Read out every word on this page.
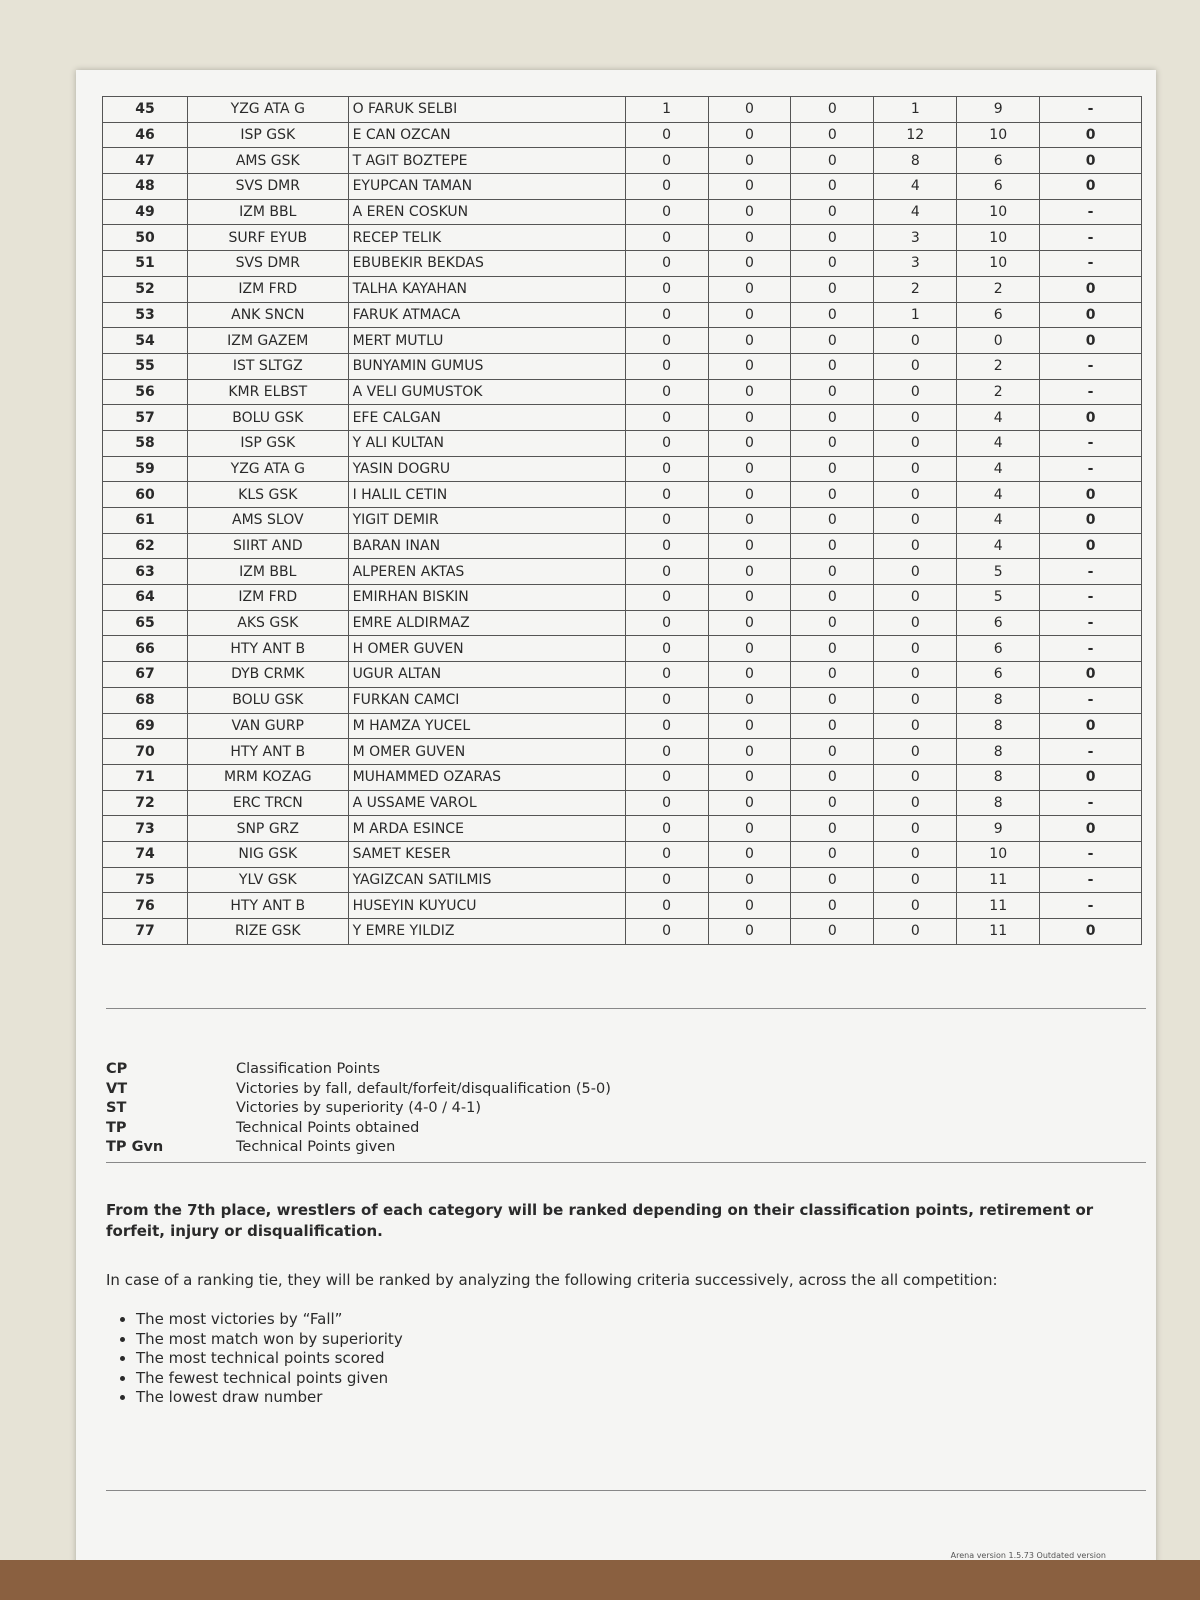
45	YZG ATA G	O FARUK SELBI	1	0	0	1	9	-
46	ISP GSK	E CAN OZCAN	0	0	0	12	10	0
47	AMS GSK	T AGIT BOZTEPE	0	0	0	8	6	0
48	SVS DMR	EYUPCAN TAMAN	0	0	0	4	6	0
49	IZM BBL	A EREN COSKUN	0	0	0	4	10	-
50	SURF EYUB	RECEP TELIK	0	0	0	3	10	-
51	SVS DMR	EBUBEKIR BEKDAS	0	0	0	3	10	-
52	IZM FRD	TALHA KAYAHAN	0	0	0	2	2	0
53	ANK SNCN	FARUK ATMACA	0	0	0	1	6	0
54	IZM GAZEM	MERT MUTLU	0	0	0	0	0	0
55	IST SLTGZ	BUNYAMIN GUMUS	0	0	0	0	2	-
56	KMR ELBST	A VELI GUMUSTOK	0	0	0	0	2	-
57	BOLU GSK	EFE CALGAN	0	0	0	0	4	0
58	ISP GSK	Y ALI KULTAN	0	0	0	0	4	-
59	YZG ATA G	YASIN DOGRU	0	0	0	0	4	-
60	KLS GSK	I HALIL CETIN	0	0	0	0	4	0
61	AMS SLOV	YIGIT DEMIR	0	0	0	0	4	0
62	SIIRT AND	BARAN INAN	0	0	0	0	4	0
63	IZM BBL	ALPEREN AKTAS	0	0	0	0	5	-
64	IZM FRD	EMIRHAN BISKIN	0	0	0	0	5	-
65	AKS GSK	EMRE ALDIRMAZ	0	0	0	0	6	-
66	HTY ANT B	H OMER GUVEN	0	0	0	0	6	-
67	DYB CRMK	UGUR ALTAN	0	0	0	0	6	0
68	BOLU GSK	FURKAN CAMCI	0	0	0	0	8	-
69	VAN GURP	M HAMZA YUCEL	0	0	0	0	8	0
70	HTY ANT B	M OMER GUVEN	0	0	0	0	8	-
71	MRM KOZAG	MUHAMMED OZARAS	0	0	0	0	8	0
72	ERC TRCN	A USSAME VAROL	0	0	0	0	8	-
73	SNP GRZ	M ARDA ESINCE	0	0	0	0	9	0
74	NIG GSK	SAMET KESER	0	0	0	0	10	-
75	YLV GSK	YAGIZCAN SATILMIS	0	0	0	0	11	-
76	HTY ANT B	HUSEYIN KUYUCU	0	0	0	0	11	-
77	RIZE GSK	Y EMRE YILDIZ	0	0	0	0	11	0
CP	Classification Points
VT	Victories by fall, default/forfeit/disqualification (5-0)
ST	Victories by superiority (4-0 / 4-1)
TP	Technical Points obtained
TP Gvn	Technical Points given
From the 7th place, wrestlers of each category will be ranked depending on their classification points, retirement or forfeit, injury or disqualification.
In case of a ranking tie, they will be ranked by analyzing the following criteria successively, across the all competition:
• The most victories by “Fall”
• The most match won by superiority
• The most technical points scored
• The fewest technical points given
• The lowest draw number
Arena version 1.5.73 Outdated version
